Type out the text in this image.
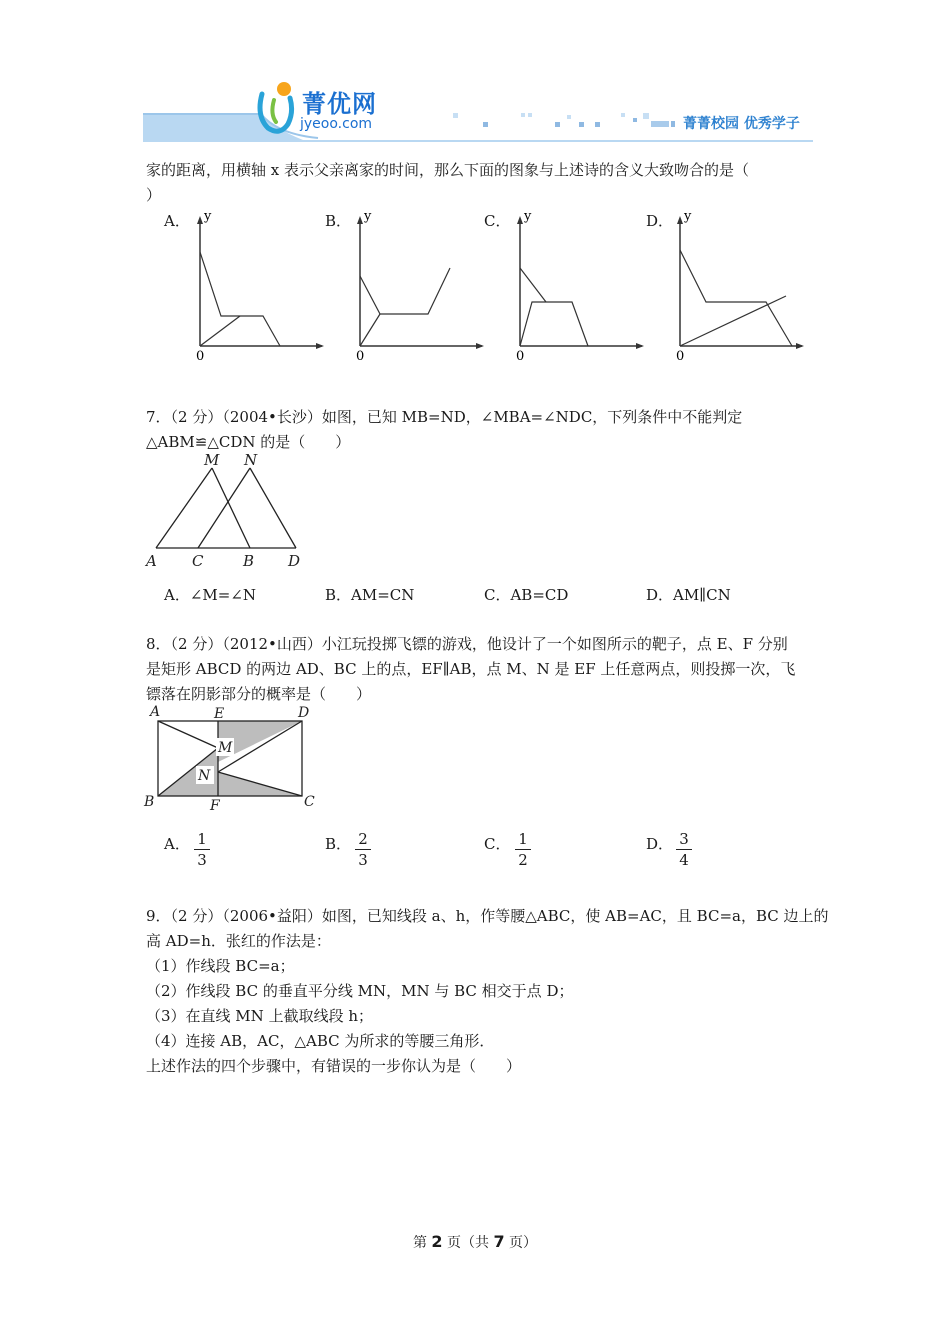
菁优网
jyeoo.com	菁菁校园 优秀学子
家的距离，用横轴 x 表示父亲离家的时间，那么下面的图象与上述诗的含义大致吻合的是（
）
A．	B．	C．	D．
y
0
y
0
y
0
y
0
7．（2 分）（2004•长沙）如图，已知 MB=ND，∠MBA=∠NDC，下列条件中不能判定
△ABM≌△CDN 的是（　　）
M N
A C	B D
A．∠M=∠N	B．AM=CN	C．AB=CD	D．AM∥CN
8．（2 分）（2012•山西）小江玩投掷飞镖的游戏，他设计了一个如图所示的靶子，点 E、F 分别
是矩形 ABCD 的两边 AD、BC 上的点，EF∥AB，点 M、N 是 EF 上任意两点，则投掷一次，飞
镖落在阴影部分的概率是（　　）
A	E	D
M
N
B	F	C
A． 1
3
B． 2
3
C． 1
2
D． 3
4
9．（2 分）（2006•益阳）如图，已知线段 a、h，作等腰△ABC，使 AB=AC，且 BC=a，BC 边上的
高 AD=h．张红的作法是：
（1）作线段 BC=a；
（2）作线段 BC 的垂直平分线 MN，MN 与 BC 相交于点 D；
（3）在直线 MN 上截取线段 h；
（4）连接 AB，AC，△ABC 为所求的等腰三角形．
上述作法的四个步骤中，有错误的一步你认为是（　　）
第 2 页（共 7 页）
